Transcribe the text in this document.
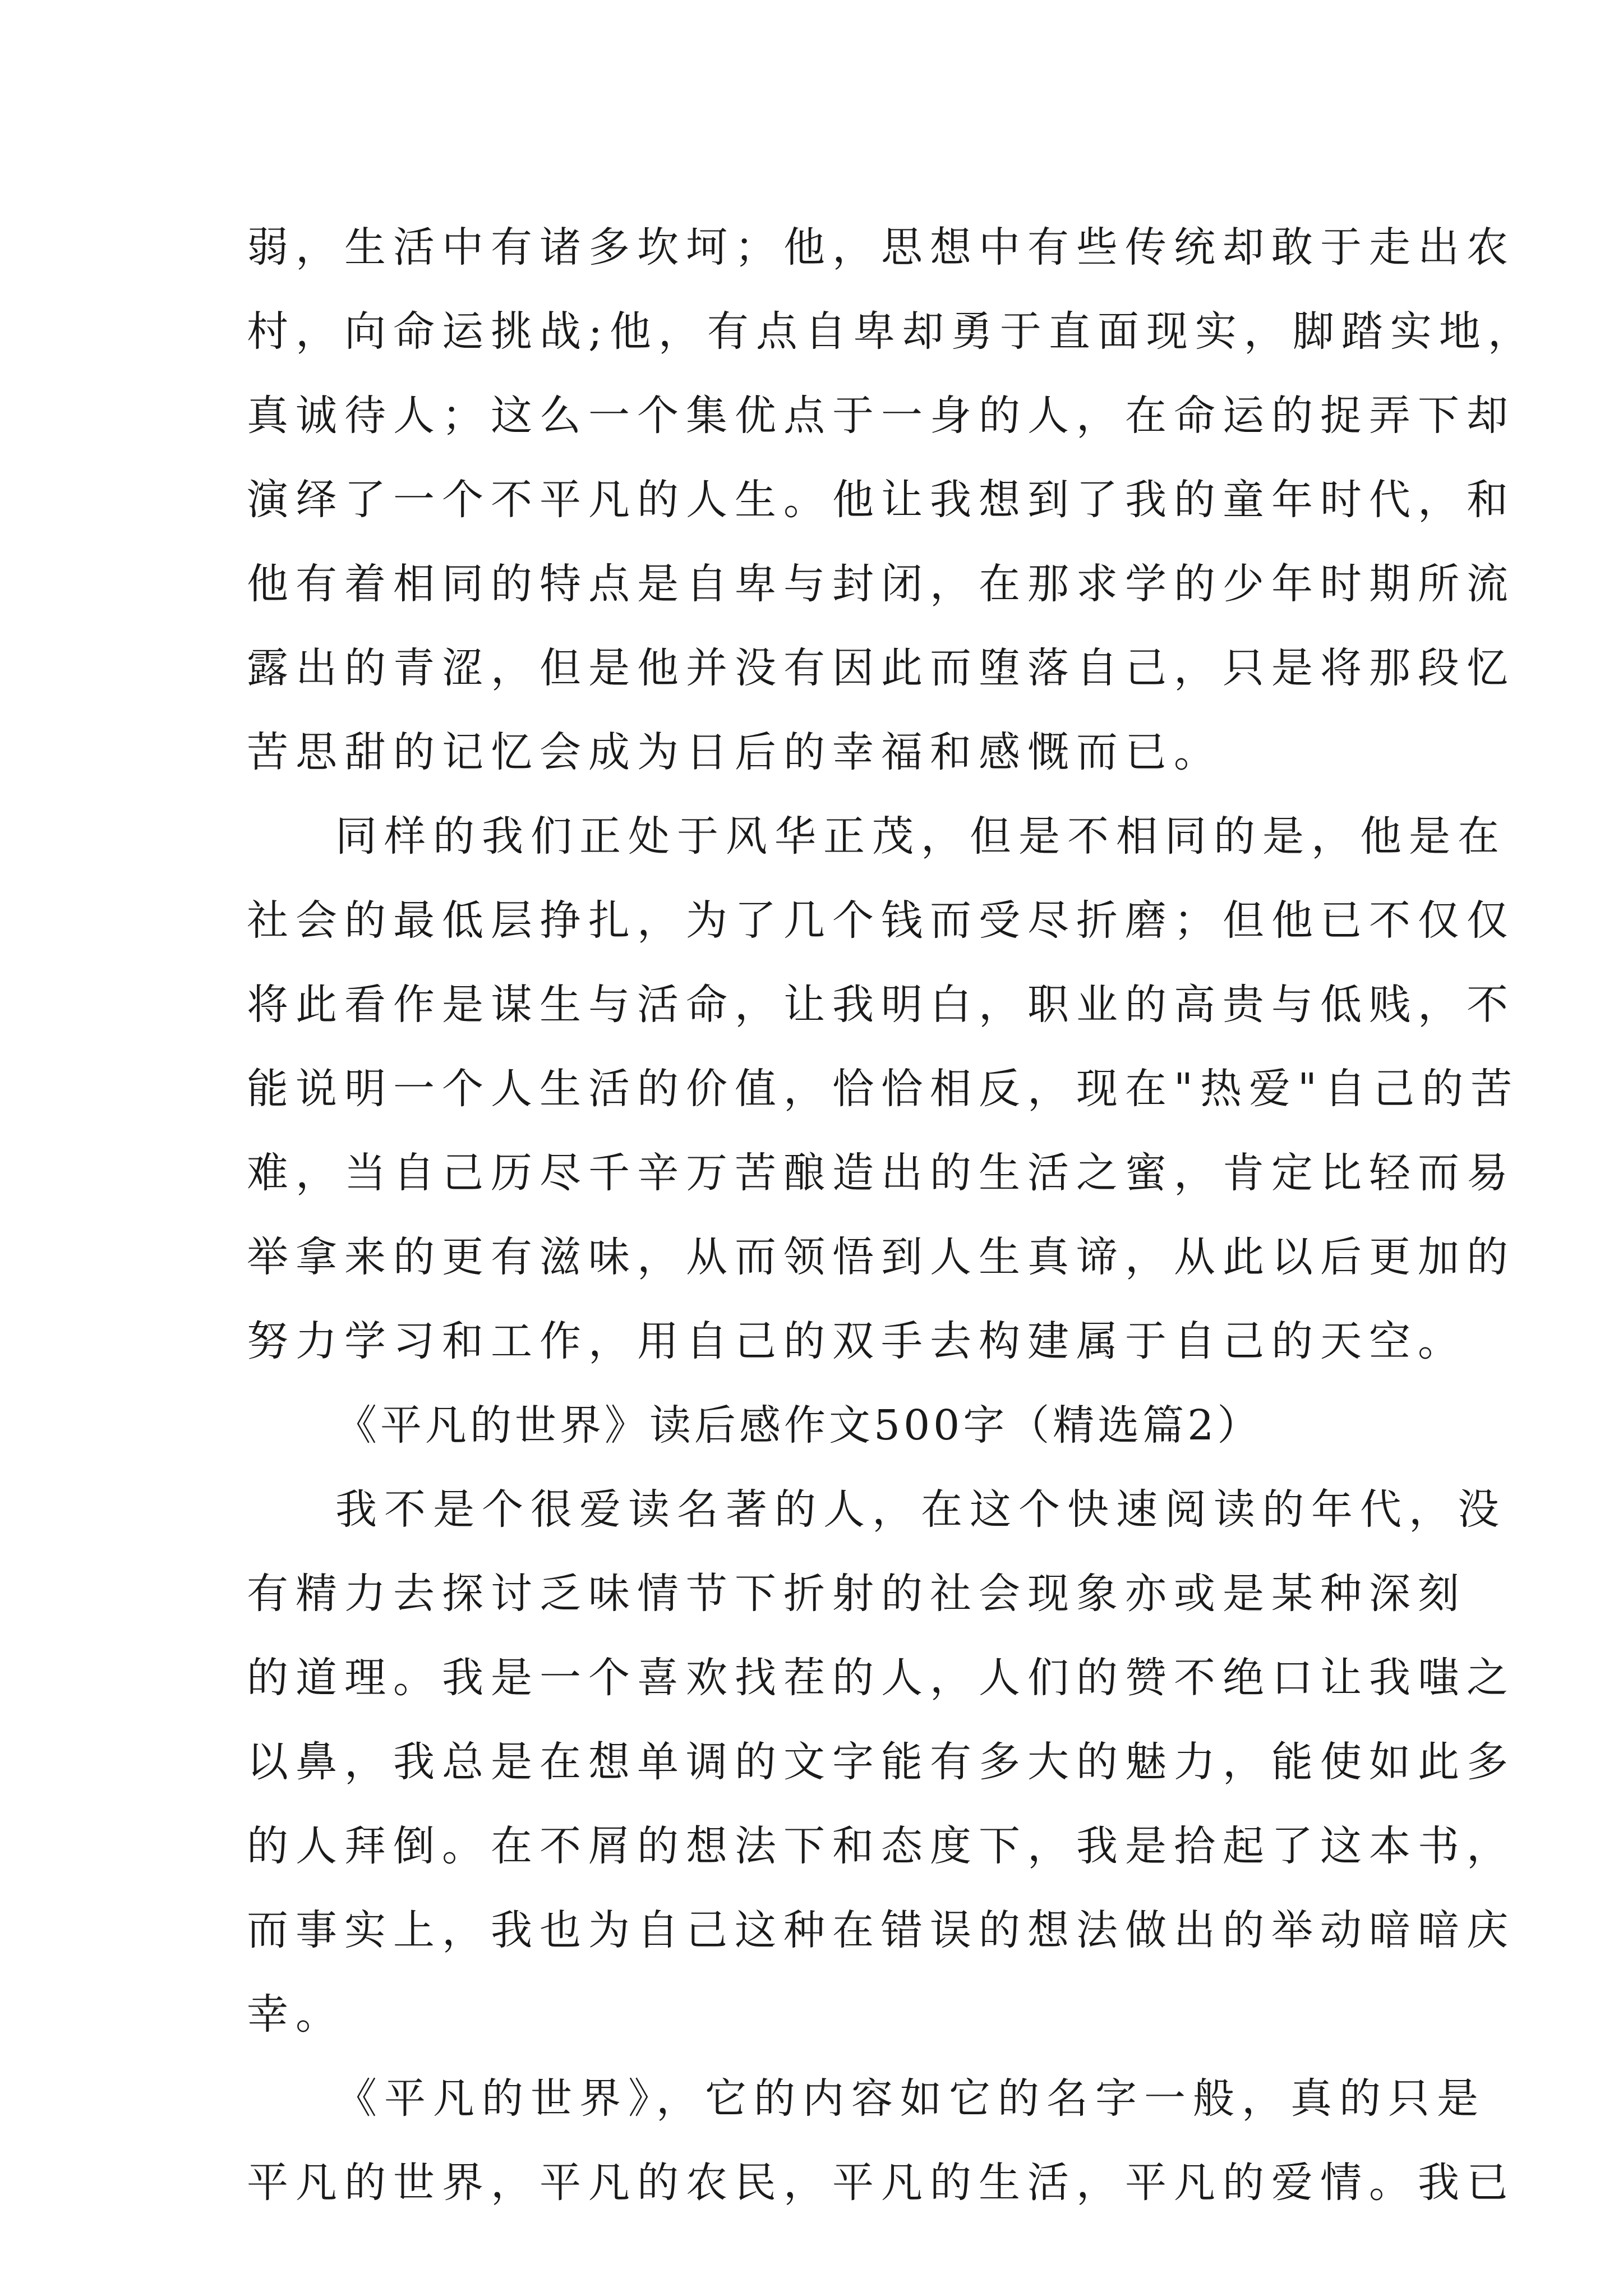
弱，生活中有诸多坎坷；他，思想中有些传统却敢于走出农
村，向命运挑战;他，有点自卑却勇于直面现实，脚踏实地，
真诚待人；这么一个集优点于一身的人，在命运的捉弄下却
演绎了一个不平凡的人生。他让我想到了我的童年时代，和
他有着相同的特点是自卑与封闭，在那求学的少年时期所流
露出的青涩，但是他并没有因此而堕落自己，只是将那段忆
苦思甜的记忆会成为日后的幸福和感慨而已。
同样的我们正处于风华正茂，但是不相同的是，他是在
社会的最低层挣扎，为了几个钱而受尽折磨；但他已不仅仅
将此看作是谋生与活命，让我明白，职业的高贵与低贱，不
能说明一个人生活的价值，恰恰相反，现在"热爱"自己的苦
难，当自己历尽千辛万苦酿造出的生活之蜜，肯定比轻而易
举拿来的更有滋味，从而领悟到人生真谛，从此以后更加的
努力学习和工作，用自己的双手去构建属于自己的天空。
《平凡的世界》读后感作文500字（精选篇2）
我不是个很爱读名著的人，在这个快速阅读的年代，没
有精力去探讨乏味情节下折射的社会现象亦或是某种深刻
的道理。我是一个喜欢找茬的人，人们的赞不绝口让我嗤之
以鼻，我总是在想单调的文字能有多大的魅力，能使如此多
的人拜倒。在不屑的想法下和态度下，我是拾起了这本书，
而事实上，我也为自己这种在错误的想法做出的举动暗暗庆
幸。
《平凡的世界》，它的内容如它的名字一般，真的只是
平凡的世界，平凡的农民，平凡的生活，平凡的爱情。我已
